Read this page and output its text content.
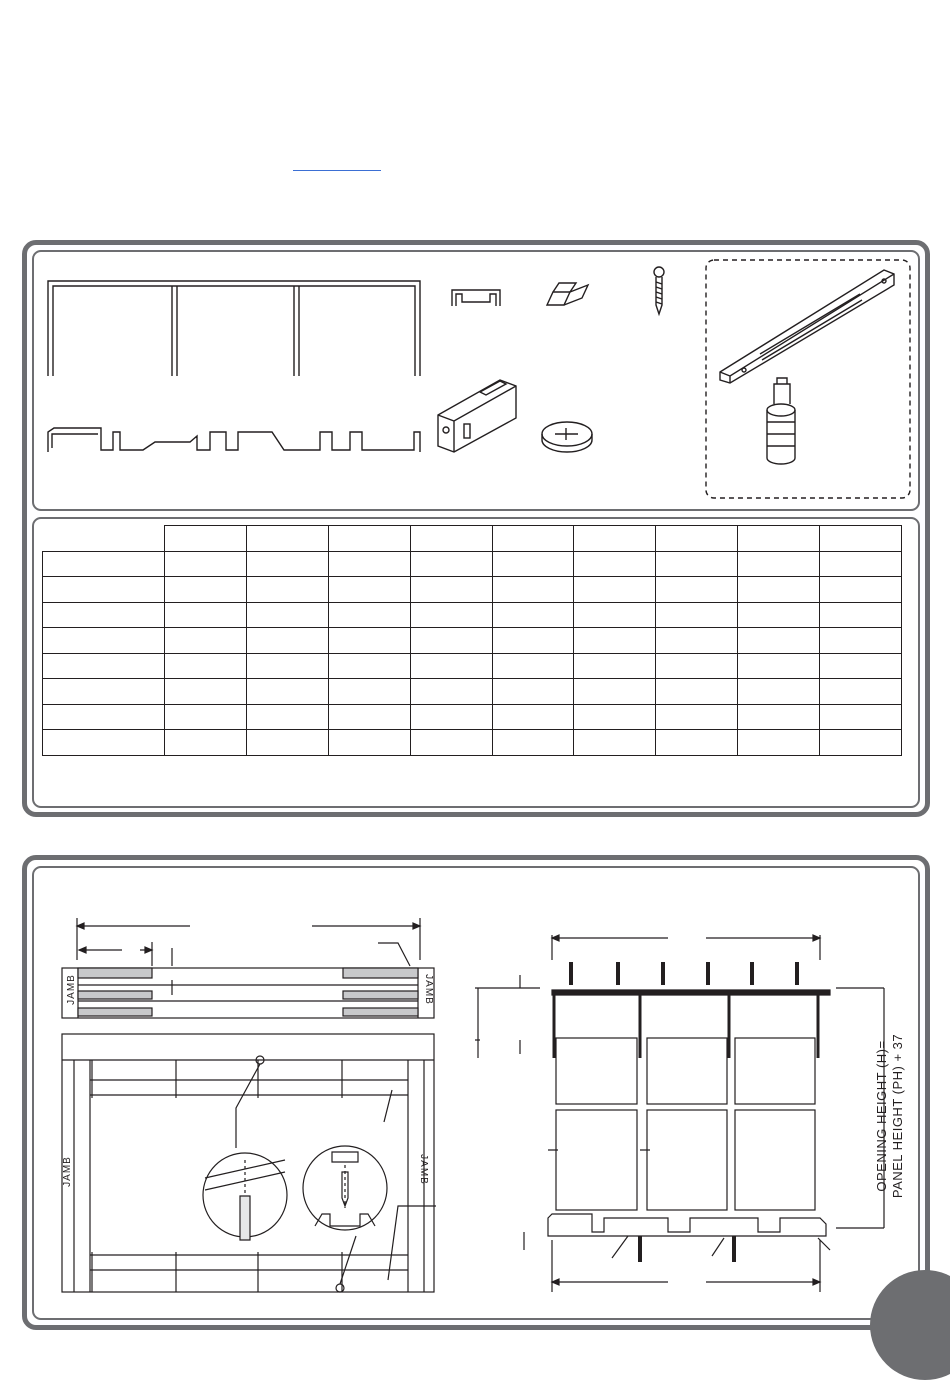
JAMB	JAMB
JAMB	JAMB	OPENING HEIGHT (H)= PANEL HEIGHT (PH) + 37
